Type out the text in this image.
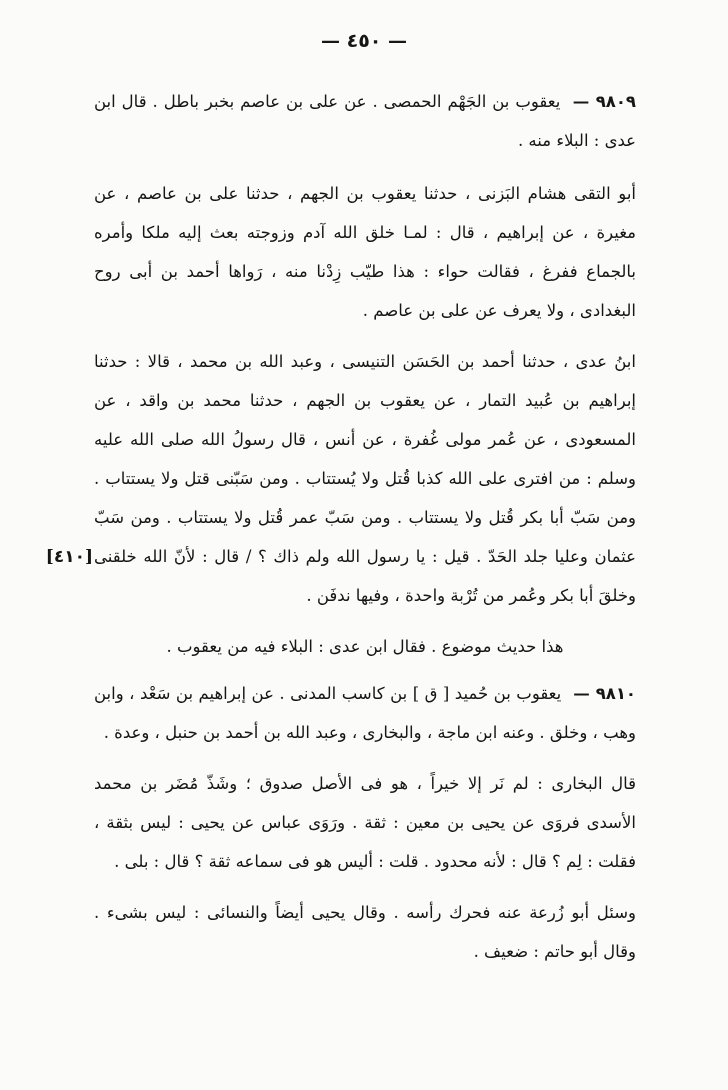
— ٤٥٠ —
[٤١٠]

٩٨٠٩ — يعقوب بن الجَهْم الحمصى . عن على بن عاصم بخبر باطل . قال ابن عدى : البلاء منه .

أبو التقى هشام البَزنى ، حدثنا يعقوب بن الجهم ، حدثنا على بن عاصم ، عن مغيرة ، عن إبراهيم ، قال : لمـا خلق الله آدم وزوجته بعث إليه ملكا وأمره بالجماع ففرغ ، فقالت حواء : هذا طيّب زِدْنا منه ، رَواها أحمد بن أبى روح البغدادى ، ولا يعرف عن على بن عاصم .

ابنُ عدى ، حدثنا أحمد بن الحَسَن التنيسى ، وعبد الله بن محمد ، قالا : حدثنا إبراهيم بن عُبيد التمار ، عن يعقوب بن الجهم ، حدثنا محمد بن واقد ، عن المسعودى ، عن عُمر مولى غُفرة ، عن أنس ، قال رسولُ الله صلى الله عليه وسلم : من افترى على الله كذبا قُتل ولا يُستتاب . ومن سَبّنى قتل ولا يستتاب . ومن سَبّ أبا بكر قُتل ولا يستتاب . ومن سَبّ عمر قُتل ولا يستتاب . ومن سَبّ عثمان وعليا جلد الحَدّ . قيل : يا رسول الله ولم ذاك ؟ / قال : لأنّ الله خلقنى وخلقَ أبا بكر وعُمر من تُرْبة واحدة ، وفيها ندفَن .

هذا حديث موضوع . فقال ابن عدى : البلاء فيه من يعقوب .

٩٨١٠ — يعقوب بن حُميد [ ق ] بن كاسب المدنى . عن إبراهيم بن سَعْد ، وابن وهب ، وخلق . وعنه ابن ماجة ، والبخارى ، وعبد الله بن أحمد بن حنبل ، وعدة .

قال البخارى : لم نَر إلا خيراً ، هو فى الأصل صدوق ؛ وشَذّ مُضَر بن محمد الأسدى فروَى عن يحيى بن معين : ثقة . ورَوَى عباس عن يحيى : ليس بثقة ، فقلت : لِم ؟ قال : لأنه محدود . قلت : أليس هو فى سماعه ثقة ؟ قال : بلى .

وسئل أبو زُرعة عنه فحرك رأسه . وقال يحيى أيضاً والنسائى : ليس بشىء . وقال أبو حاتم : ضعيف .
